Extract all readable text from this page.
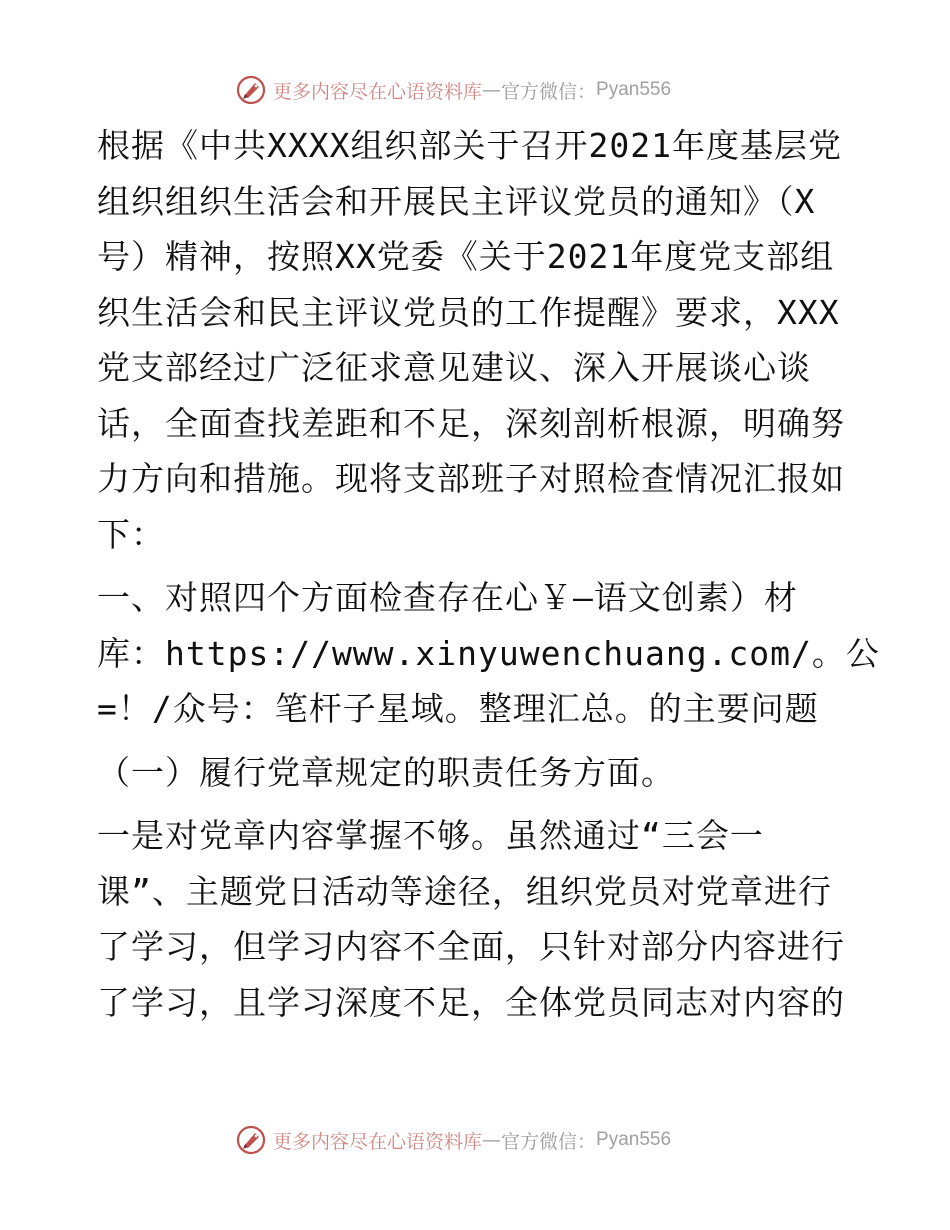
更多内容尽在心语资料库 — 官方微信： Pyan556

根据《中共XXXX组织部关于召开2021年度基层党
组织组织生活会和开展民主评议党员的通知》（X
号）精神，按照XX党委《关于2021年度党支部组
织生活会和民主评议党员的工作提醒》要求，XXX
党支部经过广泛征求意见建议、深入开展谈心谈
话，全面查找差距和不足，深刻剖析根源，明确努
力方向和措施。现将支部班子对照检查情况汇报如
下：

一、对照四个方面检查存在心￥—语文创素）材
库：https://www.xinyuwenchuang.com/。公
=！/众号：笔杆子星域。整理汇总。的主要问题

（一）履行党章规定的职责任务方面。

一是对党章内容掌握不够。虽然通过“三会一
课”、主题党日活动等途径，组织党员对党章进行
了学习，但学习内容不全面，只针对部分内容进行
了学习，且学习深度不足，全体党员同志对内容的

更多内容尽在心语资料库 — 官方微信： Pyan556
